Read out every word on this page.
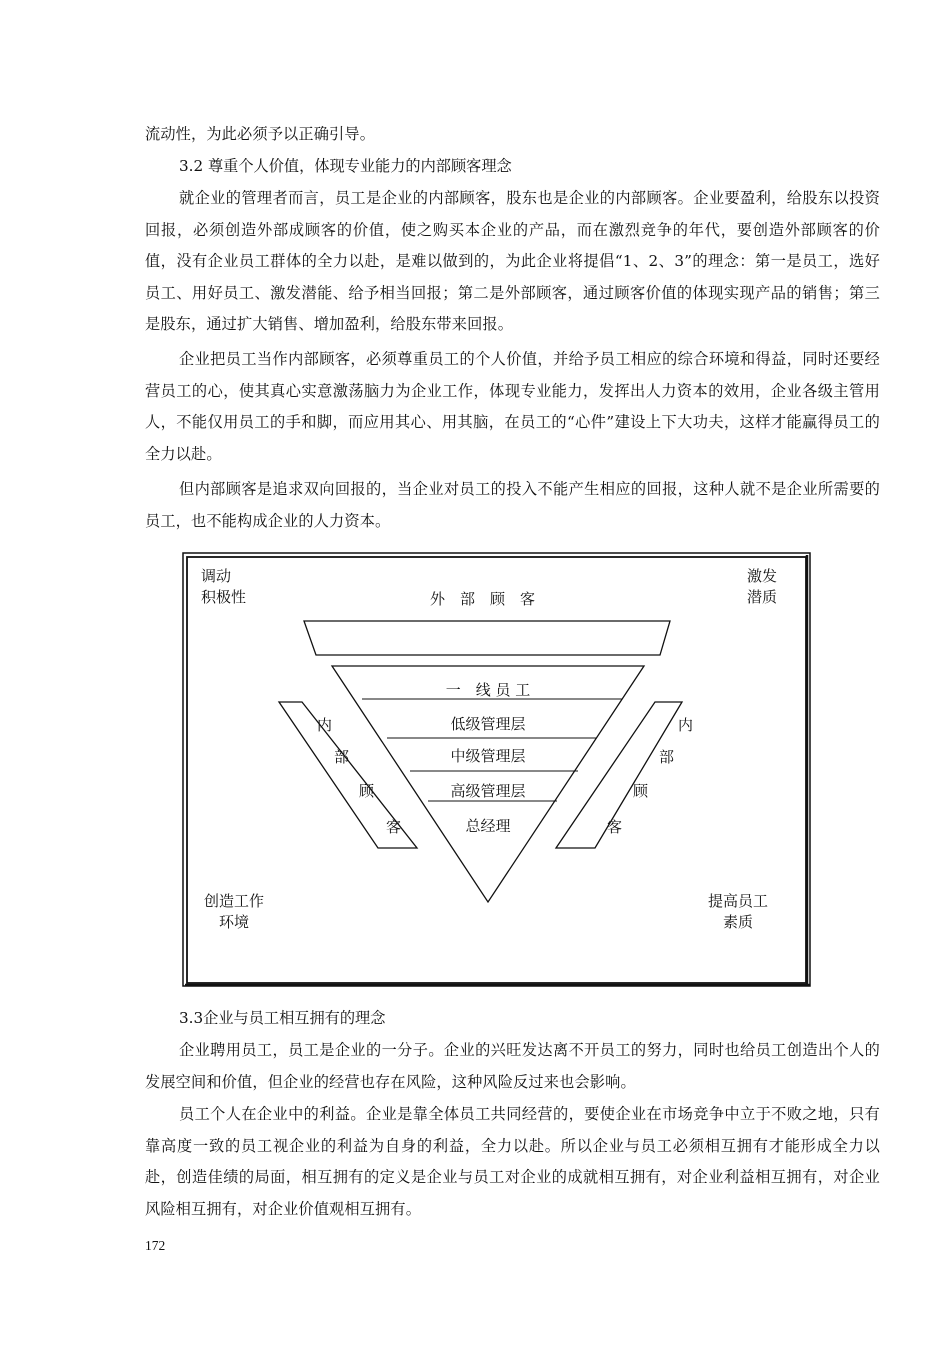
流动性，为此必须予以正确引导。
3.2 尊重个人价值，体现专业能力的内部顾客理念
就企业的管理者而言，员工是企业的内部顾客，股东也是企业的内部顾客。企业要盈利，给股东以投资回报，必须创造外部成顾客的价值，使之购买本企业的产品，而在激烈竞争的年代，要创造外部顾客的价值，没有企业员工群体的全力以赴，是难以做到的，为此企业将提倡“1、2、3”的理念：第一是员工，选好员工、用好员工、激发潜能、给予相当回报；第二是外部顾客，通过顾客价值的体现实现产品的销售；第三是股东，通过扩大销售、增加盈利，给股东带来回报。
企业把员工当作内部顾客，必须尊重员工的个人价值，并给予员工相应的综合环境和得益，同时还要经营员工的心，使其真心实意激荡脑力为企业工作，体现专业能力，发挥出人力资本的效用，企业各级主管用人，不能仅用员工的手和脚，而应用其心、用其脑，在员工的“心件”建设上下大功夫，这样才能赢得员工的全力以赴。
但内部顾客是追求双向回报的，当企业对员工的投入不能产生相应的回报，这种人就不是企业所需要的员工，也不能构成企业的人力资本。
调动
积极性
激发
潜质
创造工作
环境
提高员工
素质
外　部　顾　客
一　线 员 工
低级管理层
中级管理层
高级管理层
总经理
内
部
顾
客
内
部
顾
客
3.3企业与员工相互拥有的理念
企业聘用员工，员工是企业的一分子。企业的兴旺发达离不开员工的努力，同时也给员工创造出个人的发展空间和价值，但企业的经营也存在风险，这种风险反过来也会影响。
员工个人在企业中的利益。企业是靠全体员工共同经营的，要使企业在市场竞争中立于不败之地，只有靠高度一致的员工视企业的利益为自身的利益，全力以赴。所以企业与员工必须相互拥有才能形成全力以赴，创造佳绩的局面，相互拥有的定义是企业与员工对企业的成就相互拥有，对企业利益相互拥有，对企业风险相互拥有，对企业价值观相互拥有。
172
